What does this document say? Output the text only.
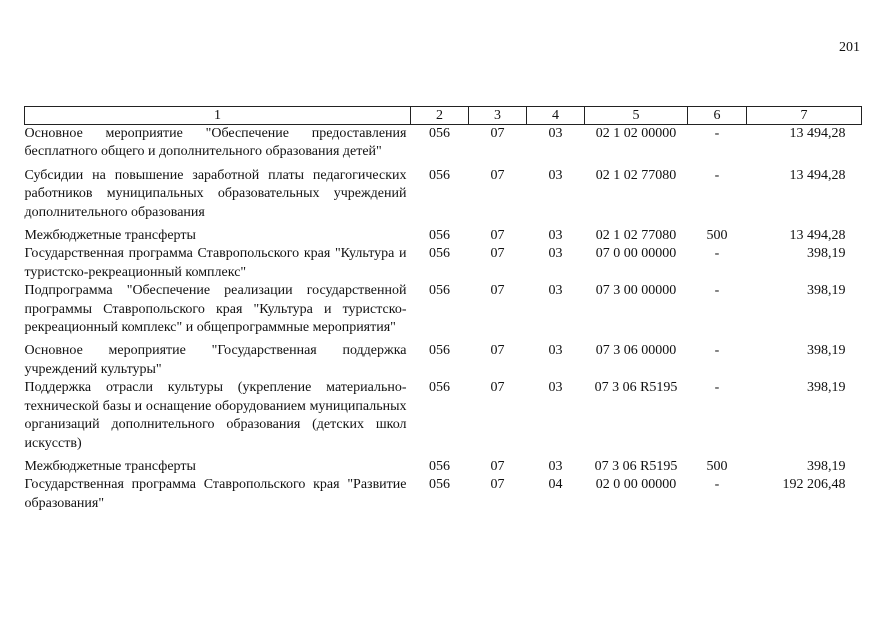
201
1	2	3	4	5	6	7
Основное мероприятие "Обеспечение предоставления бесплатного общего и дополнительного образования детей"	056	07	03	02 1 02 00000	-	13 494,28
Субсидии на повышение заработной платы педагогических работников муниципальных образовательных учреждений дополнительного образования	056	07	03	02 1 02 77080	-	13 494,28
Межбюджетные трансферты	056	07	03	02 1 02 77080	500	13 494,28
Государственная программа Ставропольского края "Культура и туристско-рекреационный комплекс"	056	07	03	07 0 00 00000	-	398,19
Подпрограмма "Обеспечение реализации государственной программы Ставропольского края "Культура и туристско-рекреационный комплекс" и общепрограммные мероприятия"	056	07	03	07 3 00 00000	-	398,19
Основное мероприятие "Государственная поддержка учреждений культуры"	056	07	03	07 3 06 00000	-	398,19
Поддержка отрасли культуры (укрепление материально-технической базы и оснащение оборудованием муниципальных организаций дополнительного образования (детских школ искусств)	056	07	03	07 3 06 R5195	-	398,19
Межбюджетные трансферты	056	07	03	07 3 06 R5195	500	398,19
Государственная программа Ставропольского края "Развитие образования"	056	07	04	02 0 00 00000	-	192 206,48
